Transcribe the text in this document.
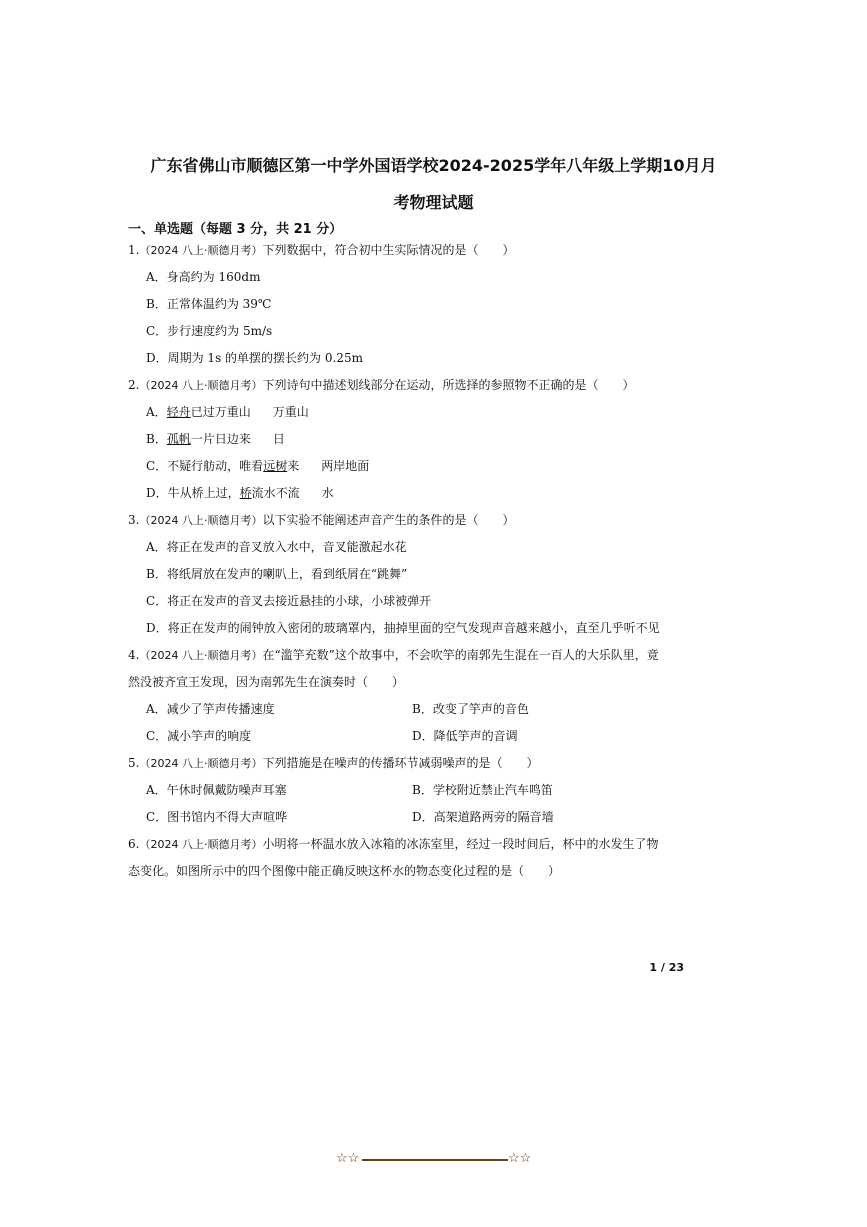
广东省佛山市顺德区第一中学外国语学校2024-2025学年八年级上学期10月月
考物理试题
一、单选题（每题 3 分，共 21 分）
1.（2024 八上·顺德月考）下列数据中，符合初中生实际情况的是（　　）
A．身高约为 160dm
B．正常体温约为 39℃
C．步行速度约为 5m/s
D．周期为 1s 的单摆的摆长约为 0.25m
2.（2024 八上·顺德月考）下列诗句中描述划线部分在运动，所选择的参照物不正确的是（　　）
A．轻舟已过万重山 万重山
B．孤帆一片日边来 日
C．不疑行舫动，唯看远树来 两岸地面
D．牛从桥上过，桥流水不流 水
3.（2024 八上·顺德月考）以下实验不能阐述声音产生的条件的是（　　）
A．将正在发声的音叉放入水中，音叉能激起水花
B．将纸屑放在发声的喇叭上，看到纸屑在“跳舞”
C．将正在发声的音叉去接近悬挂的小球，小球被弹开
D．将正在发声的闹钟放入密闭的玻璃罩内，抽掉里面的空气发现声音越来越小，直至几乎听不见
4.（2024 八上·顺德月考）在“滥竽充数”这个故事中，不会吹竽的南郭先生混在一百人的大乐队里，竟
然没被齐宣王发现，因为南郭先生在演奏时（　　）
A．减少了竽声传播速度	B．改变了竽声的音色
C．减小竽声的响度	D．降低竽声的音调
5.（2024 八上·顺德月考）下列措施是在噪声的传播环节减弱噪声的是（　　）
A．午休时佩戴防噪声耳塞	B．学校附近禁止汽车鸣笛
C．图书馆内不得大声喧哗	D．高架道路两旁的隔音墙
6.（2024 八上·顺德月考）小明将一杯温水放入冰箱的冰冻室里，经过一段时间后，杯中的水发生了物
态变化。如图所示中的四个图像中能正确反映这杯水的物态变化过程的是（　　）
1 / 23
☆☆	☆☆
